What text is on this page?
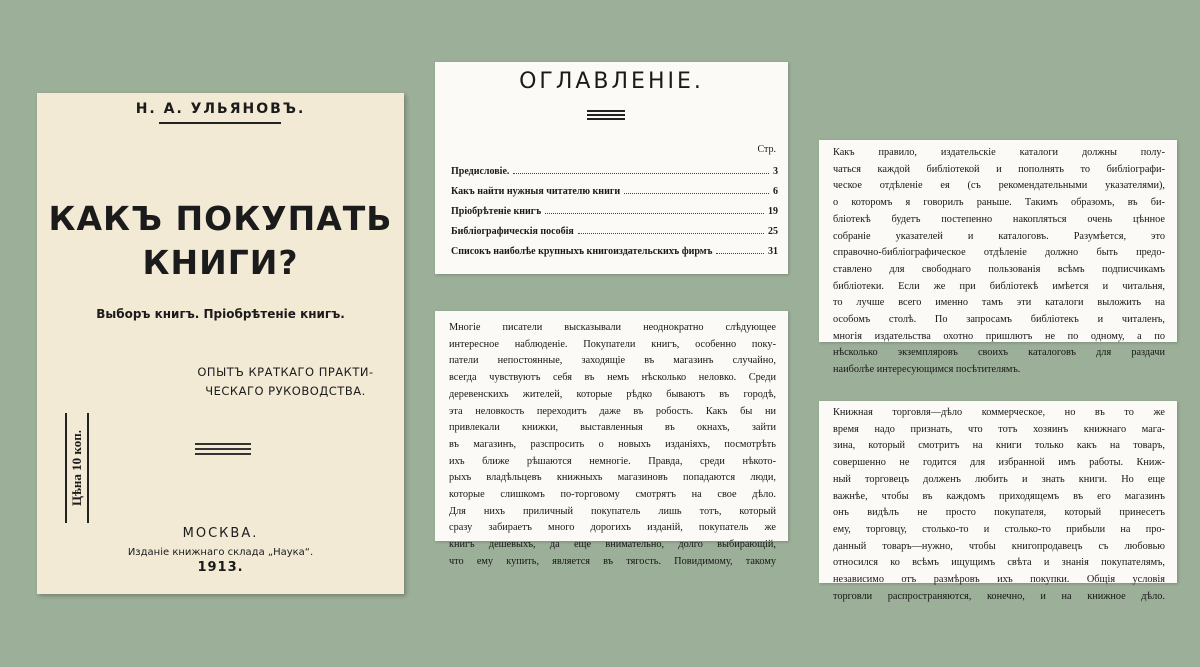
Н. А. УЛЬЯНОВЪ.
КАКЪ ПОКУПАТЬ
КНИГИ?
Выборъ книгъ. Пріобрѣтеніе книгъ.
ОПЫТЪ КРАТКАГО ПРАКТИ-
ЧЕСКАГО РУКОВОДСТВА.
Цѣна 10 коп.
МОСКВА.
Изданіе книжнаго склада „Наука“.
1913.
ОГЛАВЛЕНІЕ.
Стр.
Предисловіе.	3
Какъ найти нужныя читателю книги	6
Пріобрѣтеніе книгъ	19
Библіографическія пособія	25
Списокъ наиболѣе крупныхъ книгоиздательскихъ фирмъ	31
Многіе писатели высказывали неоднократно слѣдующее
интересное наблюденіе. Покупатели книгъ, особенно поку-
патели непостоянные, заходящіе въ магазинъ случайно,
всегда чувствуютъ себя въ немъ нѣсколько неловко. Среди
деревенскихъ жителей, которые рѣдко бываютъ въ городѣ,
эта неловкость переходитъ даже въ робость. Какъ бы ни
привлекали книжки, выставленныя въ окнахъ, зайти
въ магазинъ, разспросить о новыхъ изданіяхъ, посмотрѣть
ихъ ближе рѣшаются немногіе. Правда, среди нѣкото-
рыхъ владѣльцевъ книжныхъ магазиновъ попадаются люди,
которые слишкомъ по-торговому смотрятъ на свое дѣло.
Для нихъ приличный покупатель лишь тотъ, который
сразу забираетъ много дорогихъ изданій, покупатель же
книгъ дешевыхъ, да еще внимательно, долго выбирающій,
что ему купить, является въ тягость. Повидимому, такому
Какъ правило, издательскіе каталоги должны полу-
чаться каждой библіотекой и пополнять то библіографи-
ческое отдѣленіе ея (съ рекомендательными указателями),
о которомъ я говорилъ раньше. Такимъ образомъ, въ би-
бліотекѣ будетъ постепенно накопляться очень цѣнное
собраніе указателей и каталоговъ. Разумѣется, это
справочно-библіографическое отдѣленіе должно быть предо-
ставлено для свободнаго пользованія всѣмъ подписчикамъ
библіотеки. Если же при библіотекѣ имѣется и читальня,
то лучше всего именно тамъ эти каталоги выложить на
особомъ столѣ. По запросамъ библіотекъ и читаленъ,
многія издательства охотно пришлютъ не по одному, а по
нѣсколько экземпляровъ своихъ каталоговъ для раздачи
наиболѣе интересующимся посѣтителямъ.
Книжная торговля—дѣло коммерческое, но въ то же
время надо признать, что тотъ хозяинъ книжнаго мага-
зина, который смотритъ на книги только какъ на товаръ,
совершенно не годится для избранной имъ работы. Книж-
ный торговецъ долженъ любить и знать книги. Но еще
важнѣе, чтобы въ каждомъ приходящемъ въ его магазинъ
онъ видѣлъ не просто покупателя, который принесетъ
ему, торговцу, столько-то и столько-то прибыли на про-
данный товаръ—нужно, чтобы книгопродавецъ съ любовью
относился ко всѣмъ ищущимъ свѣта и знанія покупателямъ,
независимо отъ размѣровъ ихъ покупки. Общія условія
торговли распространяются, конечно, и на книжное дѣло.
